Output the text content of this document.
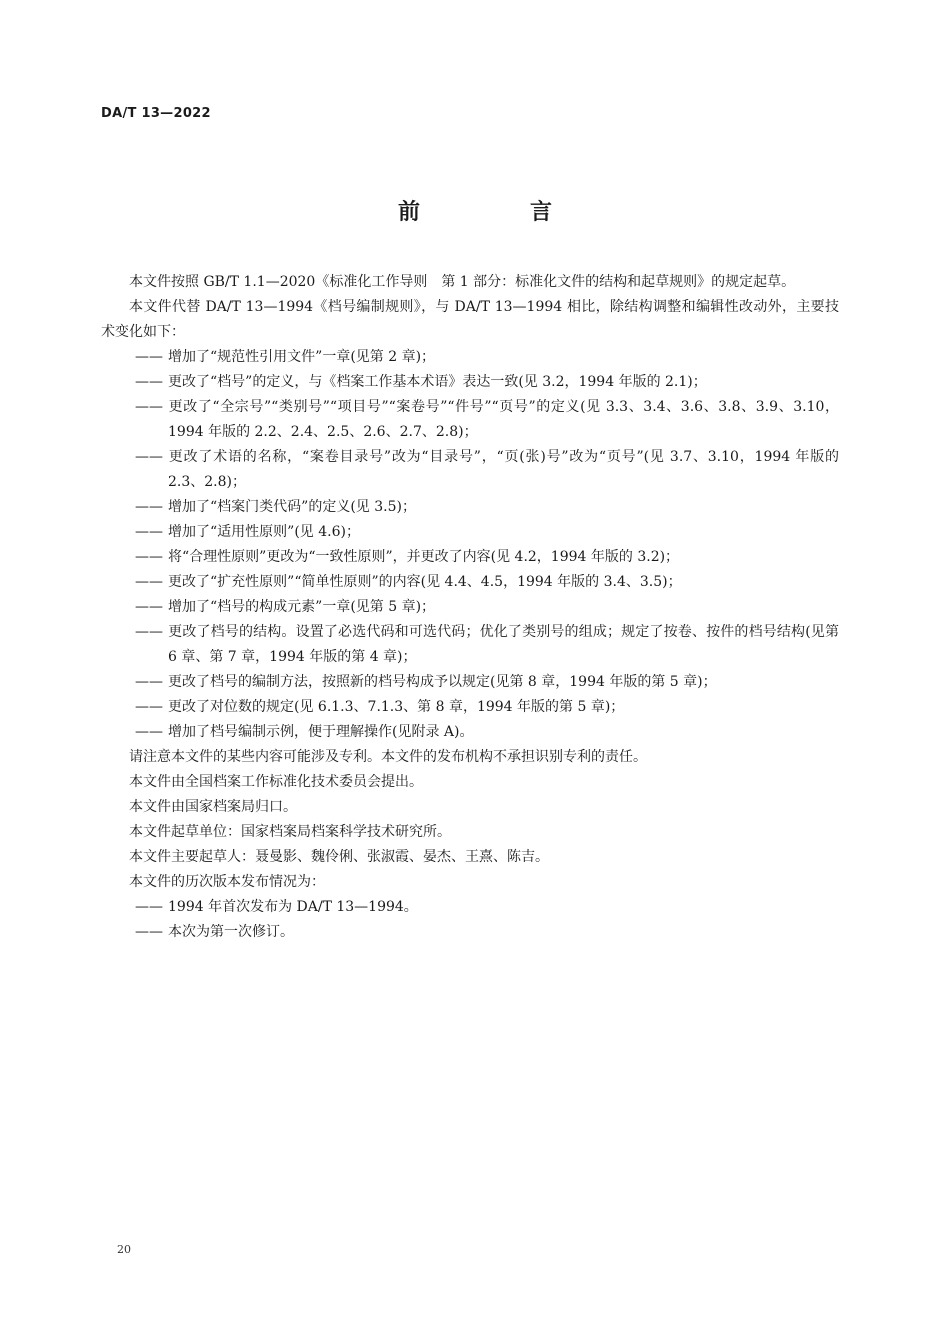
DA/T 13—2022
前　言

本文件按照 GB/T 1.1—2020《标准化工作导则　第 1 部分：标准化文件的结构和起草规则》的规定起草。

本文件代替 DA/T 13—1994《档号编制规则》，与 DA/T 13—1994 相比，除结构调整和编辑性改动外，主要技术变化如下：

—— 增加了“规范性引用文件”一章(见第 2 章)；

—— 更改了“档号”的定义，与《档案工作基本术语》表达一致(见 3.2，1994 年版的 2.1)；

—— 更改了“全宗号”“类别号”“项目号”“案卷号”“件号”“页号”的定义(见 3.3、3.4、3.6、3.8、3.9、3.10，1994 年版的 2.2、2.4、2.5、2.6、2.7、2.8)；

—— 更改了术语的名称，“案卷目录号”改为“目录号”，“页(张)号”改为“页号”(见 3.7、3.10，1994 年版的 2.3、2.8)；

—— 增加了“档案门类代码”的定义(见 3.5)；

—— 增加了“适用性原则”(见 4.6)；

—— 将“合理性原则”更改为“一致性原则”，并更改了内容(见 4.2，1994 年版的 3.2)；

—— 更改了“扩充性原则”“简单性原则”的内容(见 4.4、4.5，1994 年版的 3.4、3.5)；

—— 增加了“档号的构成元素”一章(见第 5 章)；

—— 更改了档号的结构。设置了必选代码和可选代码；优化了类别号的组成；规定了按卷、按件的档号结构(见第 6 章、第 7 章，1994 年版的第 4 章)；

—— 更改了档号的编制方法，按照新的档号构成予以规定(见第 8 章，1994 年版的第 5 章)；

—— 更改了对位数的规定(见 6.1.3、7.1.3、第 8 章，1994 年版的第 5 章)；

—— 增加了档号编制示例，便于理解操作(见附录 A)。

请注意本文件的某些内容可能涉及专利。本文件的发布机构不承担识别专利的责任。

本文件由全国档案工作标准化技术委员会提出。

本文件由国家档案局归口。

本文件起草单位：国家档案局档案科学技术研究所。

本文件主要起草人：聂曼影、魏伶俐、张淑霞、晏杰、王熹、陈吉。

本文件的历次版本发布情况为：

—— 1994 年首次发布为 DA/T 13—1994。

—— 本次为第一次修订。

20
